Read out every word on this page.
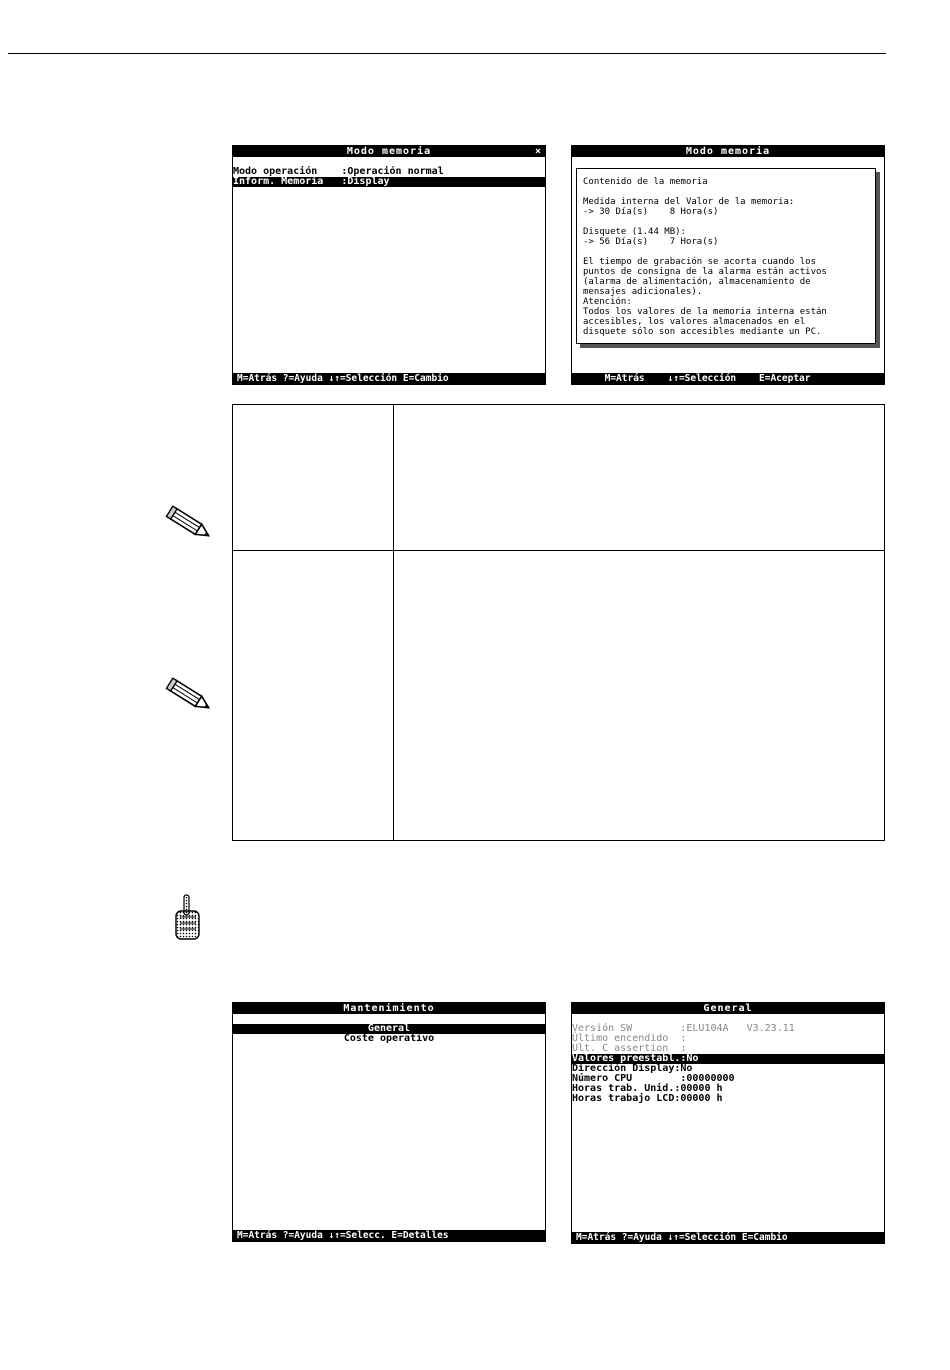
Modo memoria	×
Modo operación    :Operación normal
Inform. Memoria   :Display
M=Atrás ?=Ayuda ↓↑=Selección E=Cambio
Modo memoria
Contenido de la memoria

Medida interna del Valor de la memoria:
-> 30 Día(s)    8 Hora(s)

Disquete (1.44 MB):
-> 56 Día(s)    7 Hora(s)

El tiempo de grabación se acorta cuando los
puntos de consigna de la alarma están activos
(alarma de alimentación, almacenamiento de
mensajes adicionales).
Atención:
Todos los valores de la memoria interna están
accesibles, los valores almacenados en el
disquete sólo son accesibles mediante un PC.
M=Atrás    ↓↑=Selección    E=Aceptar
Mantenimiento
General
Coste operativo
M=Atrás ?=Ayuda ↓↑=Selecc. E=Detalles
General
Versión SW        :ELU104A   V3.23.11
Último encendido  :
Ult. C assertion  :
Valores preestabl.:No
Dirección Display:No
Número CPU        :00000000
Horas trab. Unid.:00000 h
Horas trabajo LCD:00000 h
M=Atrás ?=Ayuda ↓↑=Selección E=Cambio
